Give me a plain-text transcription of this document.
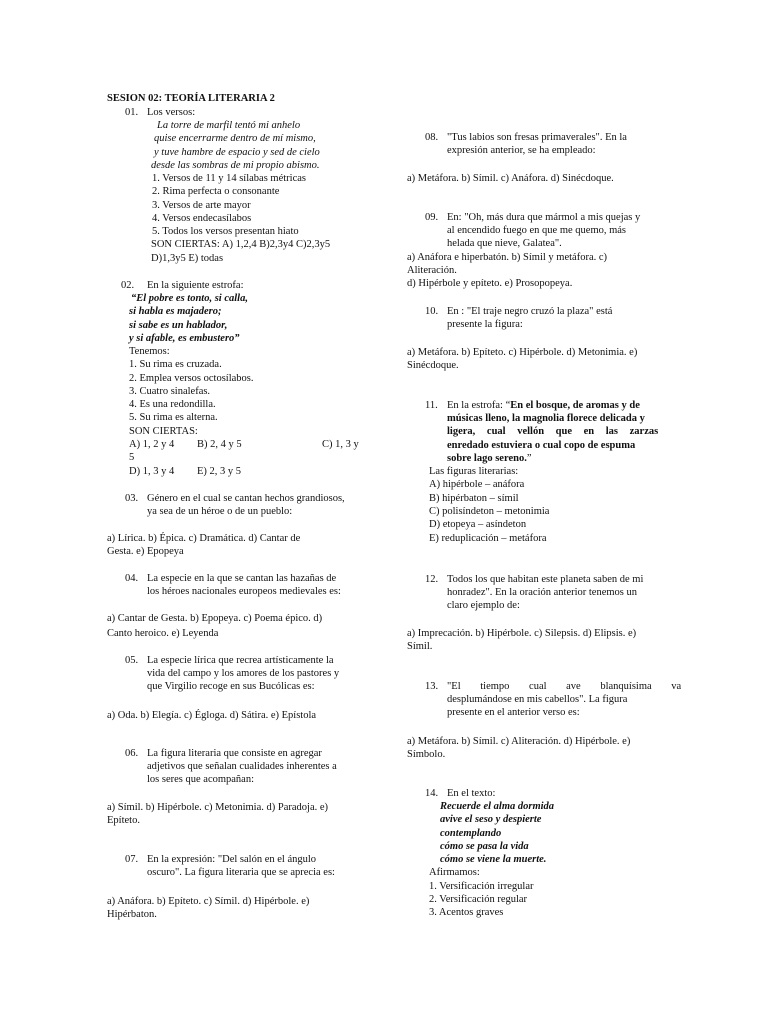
SESION 02: TEORÍA LITERARIA 2
01. Los versos:
La torre de marfil tentó mi anhelo
quise encerrarme dentro de mí mismo,
y tuve hambre de espacio y sed de cielo
desde las sombras de mi propio abismo.
1. Versos de 11 y 14 sílabas métricas
2. Rima perfecta o consonante
3. Versos de arte mayor
4. Versos endecasílabos
5. Todos los versos presentan hiato
SON CIERTAS: A) 1,2,4 B)2,3y4 C)2,3y5
D)1,3y5 E) todas
02. En la siguiente estrofa:
“El pobre es tonto, si calla,
si habla es majadero;
si sabe es un hablador,
y si afable, es embustero”
Tenemos:
1. Su rima es cruzada.
2. Emplea versos octosílabos.
3. Cuatro sinalefas.
4. Es una redondilla.
5. Su rima es alterna.
SON CIERTAS:
A) 1, 2 y 4 B) 2, 4 y 5	C) 1, 3 y
5
D) 1, 3 y 4 E) 2, 3 y 5
03. Género en el cual se cantan hechos grandiosos,
ya sea de un héroe o de un pueblo:
a) Lírica. b) Épica. c) Dramática. d) Cantar de
Gesta. e) Epopeya
04. La especie en la que se cantan las hazañas de
los héroes nacionales europeos medievales es:
a) Cantar de Gesta. b) Epopeya. c) Poema épico. d)
Canto heroico. e) Leyenda
05. La especie lírica que recrea artísticamente la
vida del campo y los amores de los pastores y
que Virgilio recoge en sus Bucólicas es:
a) Oda. b) Elegía. c) Égloga. d) Sátira. e) Epístola
06. La figura literaria que consiste en agregar
adjetivos que señalan cualidades inherentes a
los seres que acompañan:
a) Símil. b) Hipérbole. c) Metonimia. d) Paradoja. e)
Epíteto.
07. En la expresión: "Del salón en el ángulo
oscuro". La figura literaria que se aprecia es:
a) Anáfora. b) Epíteto. c) Símil. d) Hipérbole. e)
Hipérbaton.
08. "Tus labios son fresas primaverales". En la
expresión anterior, se ha empleado:
a) Metáfora. b) Símil. c) Anáfora. d) Sinécdoque.
09. En: "Oh, más dura que mármol a mis quejas y
al encendido fuego en que me quemo, más
helada que nieve, Galatea".
a) Anáfora e hiperbatón. b) Símil y metáfora. c)
Aliteración.
d) Hipérbole y epíteto. e) Prosopopeya.
10. En : "El traje negro cruzó la plaza" está
presente la figura:
a) Metáfora. b) Epíteto. c) Hipérbole. d) Metonimia. e)
Sinécdoque.
11. En la estrofa: “En el bosque, de aromas y de
músicas lleno, la magnolia florece delicada y
ligera, cual vellón que en las zarzas
enredado estuviera o cual copo de espuma
sobre lago sereno.”
Las figuras literarias:
A) hipérbole – anáfora
B) hipérbaton – símil
C) polisíndeton – metonimia
D) etopeya – asíndeton
E) reduplicación – metáfora
12. Todos los que habitan este planeta saben de mi
honradez". En la oración anterior tenemos un
claro ejemplo de:
a) Imprecación. b) Hipérbole. c) Silepsis. d) Elipsis. e)
Símil.
13. "El tiempo cual ave blanquísima va
desplumándose en mis cabellos". La figura
presente en el anterior verso es:
a) Metáfora. b) Símil. c) Aliteración. d) Hipérbole. e)
Símbolo.
14. En el texto:
Recuerde el alma dormida
avive el seso y despierte
contemplando
cómo se pasa la vida
cómo se viene la muerte.
Afirmamos:
1. Versificación irregular
2. Versificación regular
3. Acentos graves
